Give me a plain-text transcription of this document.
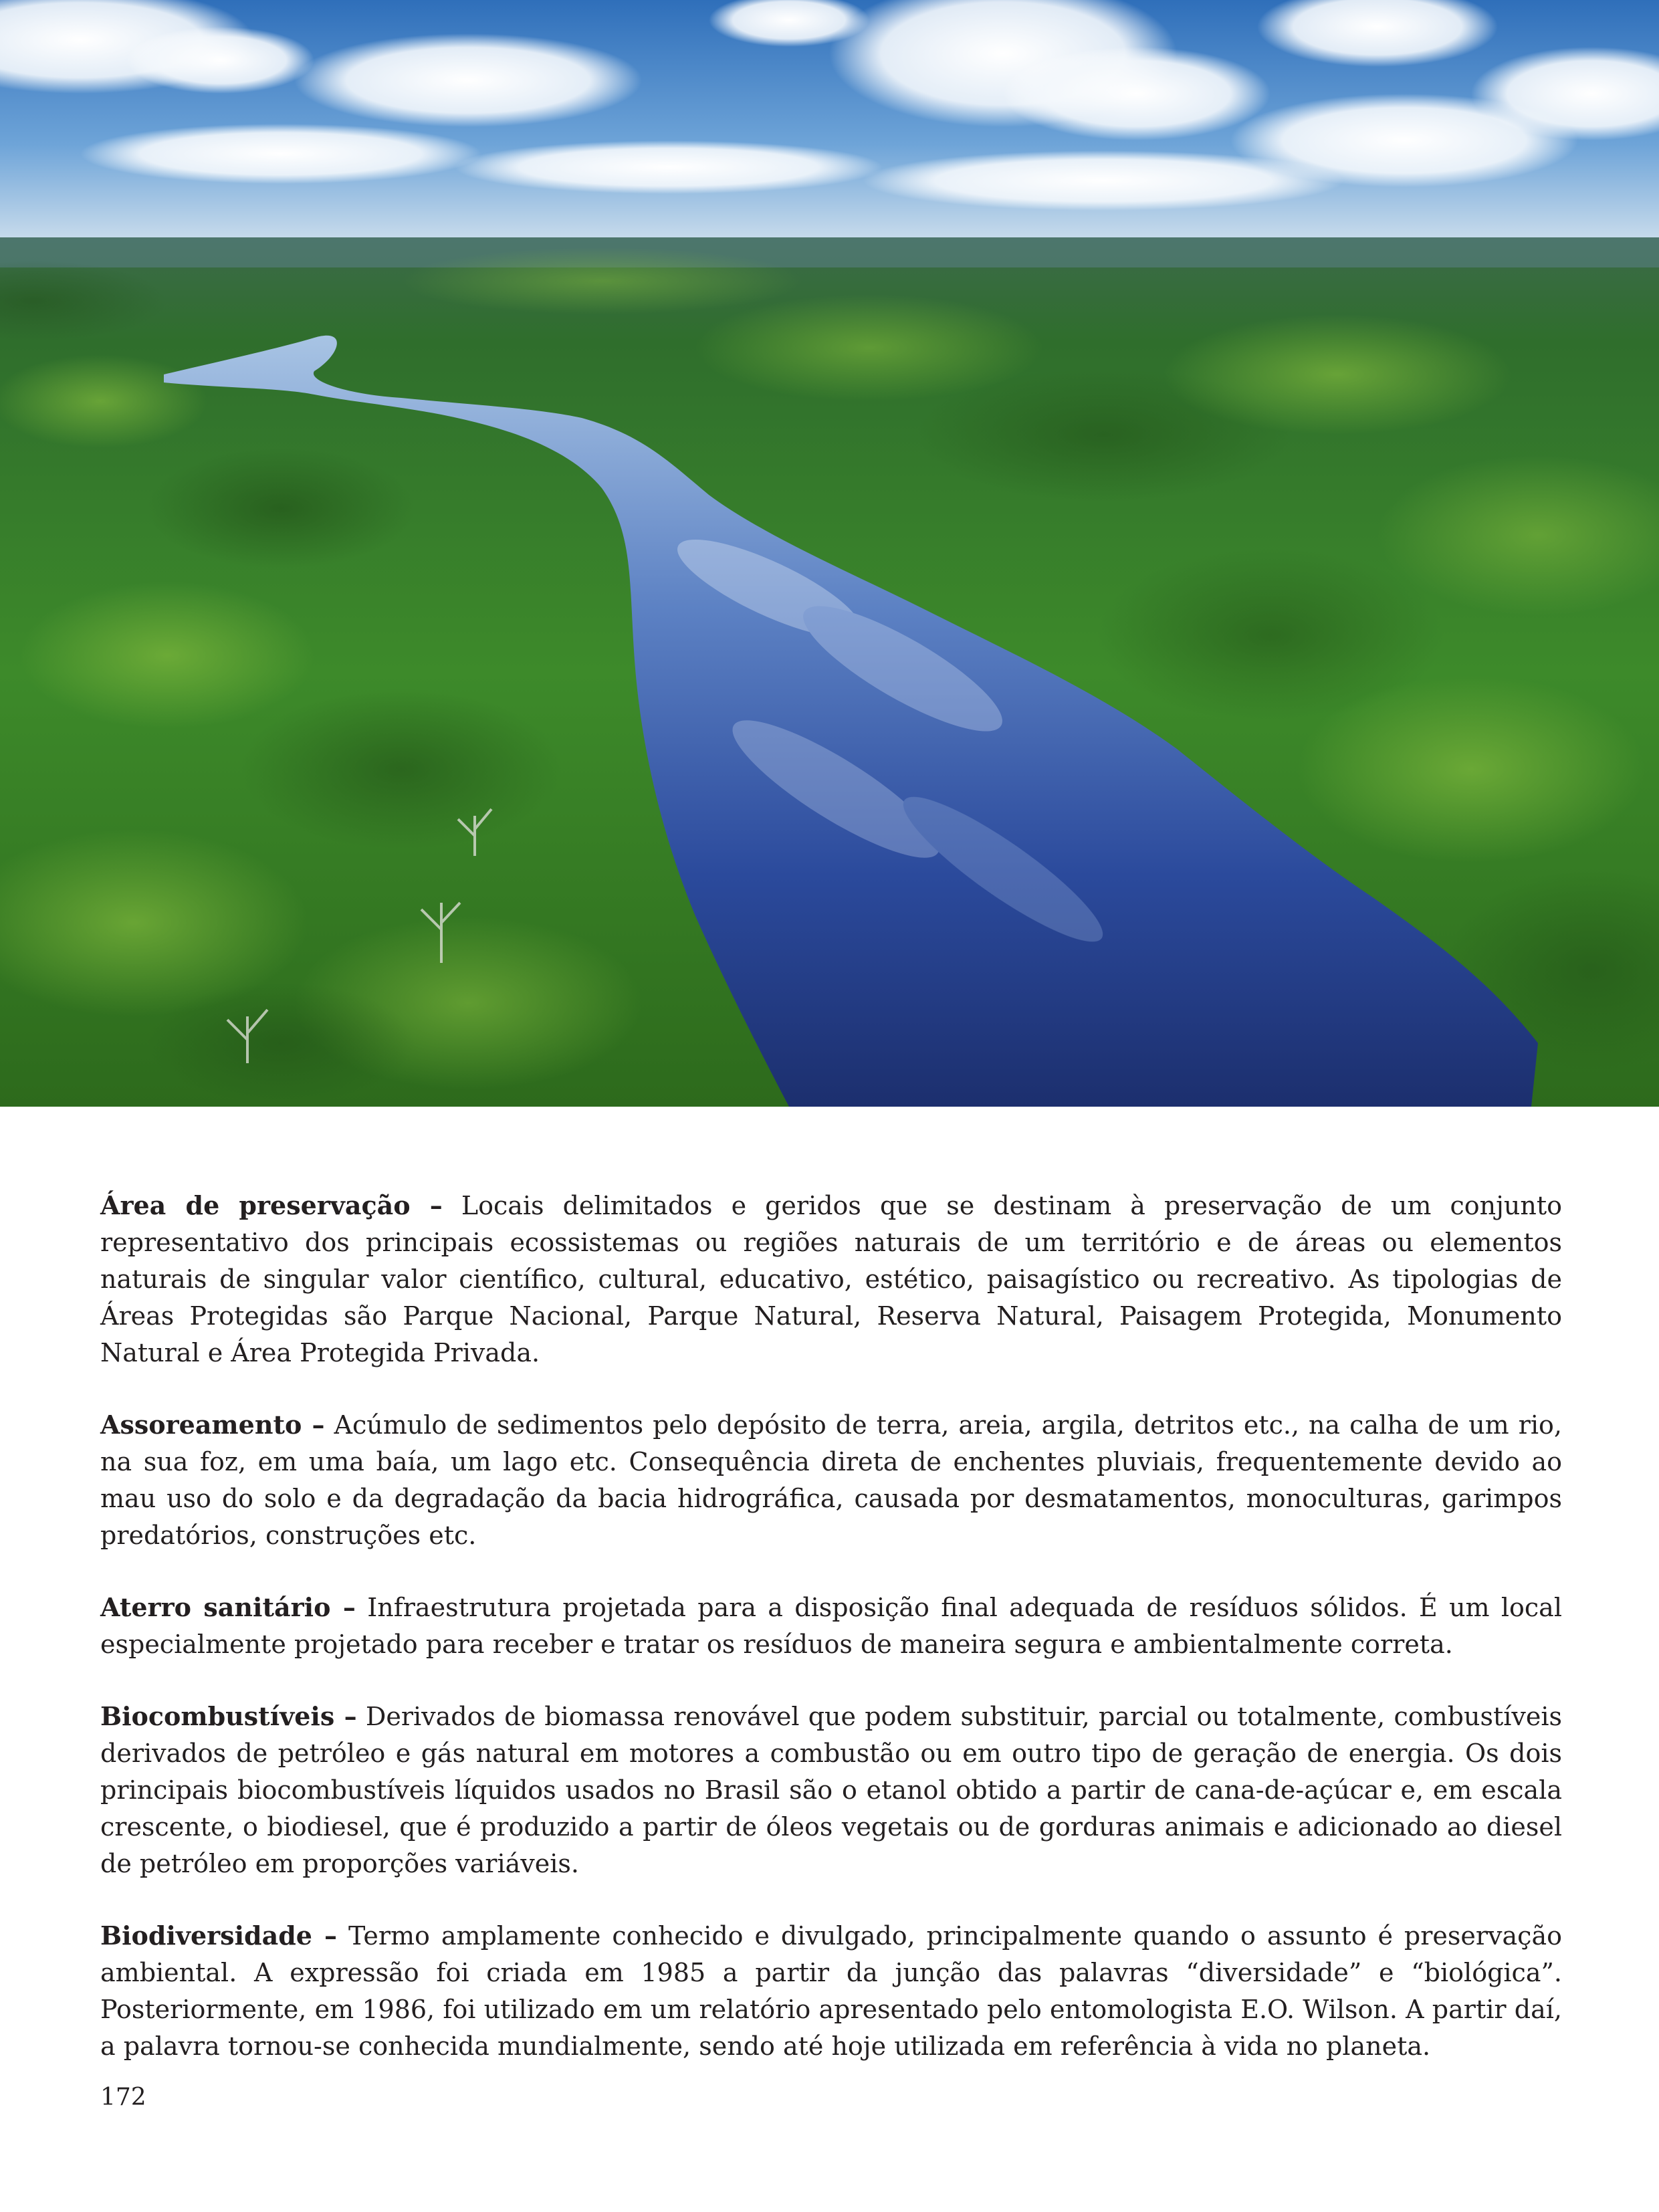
Área de preservação – Locais delimitados e geridos que se destinam à preservação de um conjunto representativo dos principais ecossistemas ou regiões naturais de um território e de áreas ou elementos naturais de singular valor científico, cultural, educativo, estético, paisagístico ou recreativo. As tipologias de Áreas Protegidas são Parque Nacional, Parque Natural, Reserva Natural, Paisagem Protegida, Monumento Natural e Área Protegida Privada.

Assoreamento – Acúmulo de sedimentos pelo depósito de terra, areia, argila, detritos etc., na calha de um rio, na sua foz, em uma baía, um lago etc. Consequência direta de enchentes pluviais, frequentemente devido ao mau uso do solo e da degradação da bacia hidrográfica, causada por desmatamentos, monoculturas, garimpos predatórios, construções etc.

Aterro sanitário – Infraestrutura projetada para a disposição final adequada de resíduos sólidos. É um local especialmente projetado para receber e tratar os resíduos de maneira segura e ambientalmente correta.

Biocombustíveis – Derivados de biomassa renovável que podem substituir, parcial ou totalmente, combustíveis derivados de petróleo e gás natural em motores a combustão ou em outro tipo de geração de energia. Os dois principais biocombustíveis líquidos usados no Brasil são o etanol obtido a partir de cana-de-açúcar e, em escala crescente, o biodiesel, que é produzido a partir de óleos vegetais ou de gorduras animais e adicionado ao diesel de petróleo em proporções variáveis.

Biodiversidade – Termo amplamente conhecido e divulgado, principalmente quando o assunto é preservação ambiental. A expressão foi criada em 1985 a partir da junção das palavras “diversidade” e “biológica”. Posteriormente, em 1986, foi utilizado em um relatório apresentado pelo entomologista E.O. Wilson. A partir daí, a palavra tornou-se conhecida mundialmente, sendo até hoje utilizada em referência à vida no planeta.

172
